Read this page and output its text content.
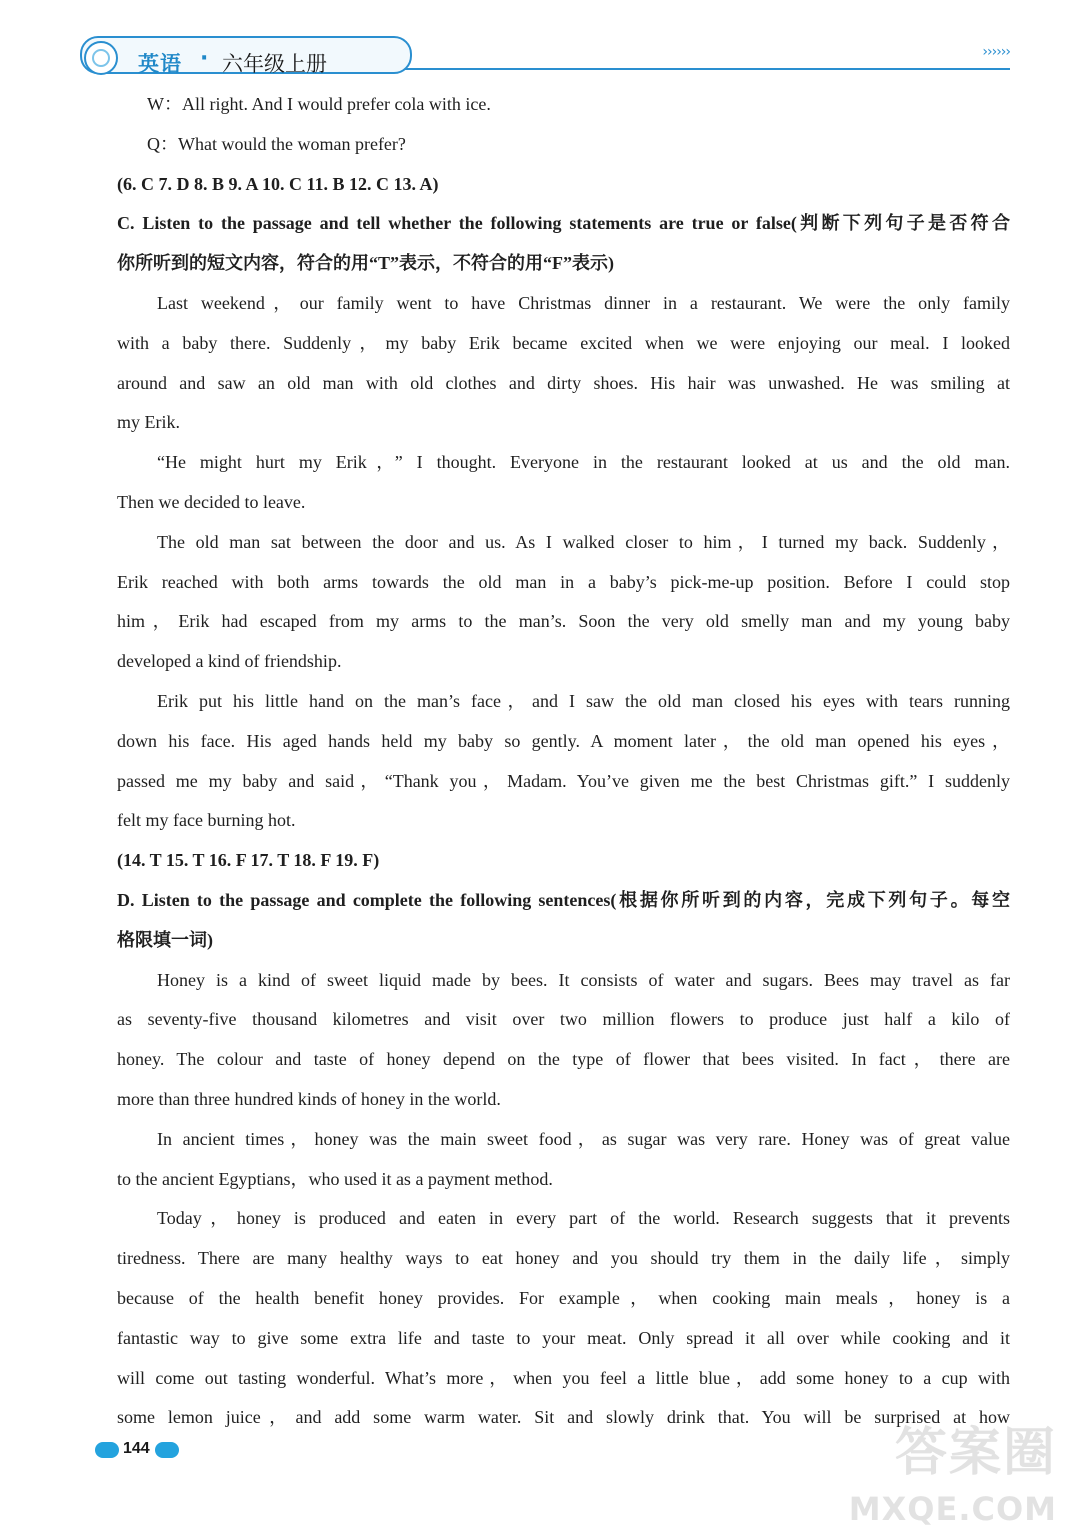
英语 · 六年级上册	››››››

W：All right. And I would prefer cola with ice.

Q：What would the woman prefer?

(6. C 7. D 8. B 9. A 10. C 11. B 12. C 13. A)

C. Listen to the passage and tell whether the following statements are true or false(判断下列句子是否符合

你所听到的短文内容，符合的用“T”表示，不符合的用“F”表示)

Last weekend，our family went to have Christmas dinner in a restaurant. We were the only family

with a baby there. Suddenly，my baby Erik became excited when we were enjoying our meal. I looked

around and saw an old man with old clothes and dirty shoes. His hair was unwashed. He was smiling at

my Erik.

“He might hurt my Erik，” I thought. Everyone in the restaurant looked at us and the old man.

Then we decided to leave.

The old man sat between the door and us. As I walked closer to him，I turned my back. Suddenly，

Erik reached with both arms towards the old man in a baby’s pick-me-up position. Before I could stop

him，Erik had escaped from my arms to the man’s. Soon the very old smelly man and my young baby

developed a kind of friendship.

Erik put his little hand on the man’s face，and I saw the old man closed his eyes with tears running

down his face. His aged hands held my baby so gently. A moment later，the old man opened his eyes，

passed me my baby and said，“Thank you，Madam. You’ve given me the best Christmas gift.” I suddenly

felt my face burning hot.

(14. T 15. T 16. F 17. T 18. F 19. F)

D. Listen to the passage and complete the following sentences(根据你所听到的内容，完成下列句子。每空

格限填一词)

Honey is a kind of sweet liquid made by bees. It consists of water and sugars. Bees may travel as far

as seventy-five thousand kilometres and visit over two million flowers to produce just half a kilo of

honey. The colour and taste of honey depend on the type of flower that bees visited. In fact，there are

more than three hundred kinds of honey in the world.

In ancient times，honey was the main sweet food，as sugar was very rare. Honey was of great value

to the ancient Egyptians，who used it as a payment method.

Today，honey is produced and eaten in every part of the world. Research suggests that it prevents

tiredness. There are many healthy ways to eat honey and you should try them in the daily life，simply

because of the health benefit honey provides. For example，when cooking main meals，honey is a

fantastic way to give some extra life and taste to your meat. Only spread it all over while cooking and it

will come out tasting wonderful. What’s more，when you feel a little blue，add some honey to a cup with

some lemon juice，and add some warm water. Sit and slowly drink that. You will be surprised at how

144	答案圈
MXQE.COM
